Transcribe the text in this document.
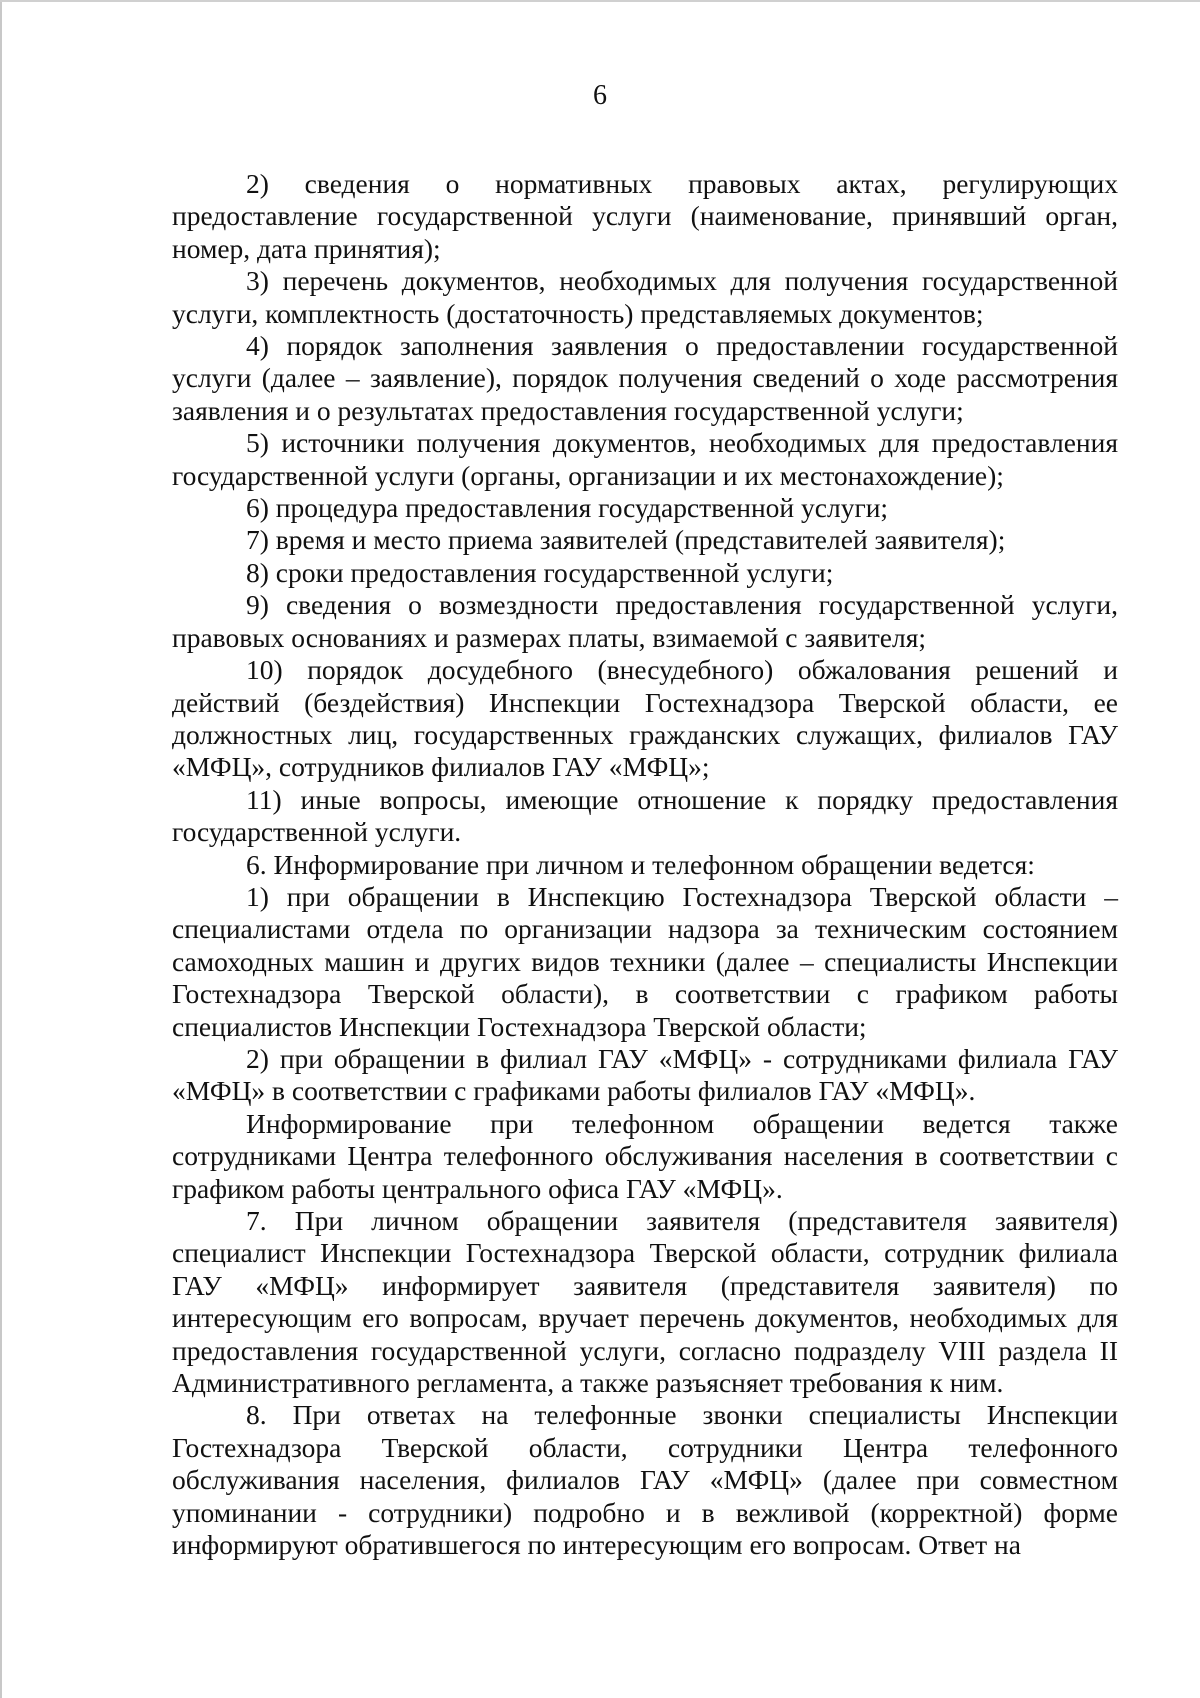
6

2) сведения о нормативных правовых актах, регулирующих предоставление государственной услуги (наименование, принявший орган, номер, дата принятия);

3) перечень документов, необходимых для получения государственной услуги, комплектность (достаточность) представляемых документов;

4) порядок заполнения заявления о предоставлении государственной услуги (далее – заявление), порядок получения сведений о ходе рассмотрения заявления и о результатах предоставления государственной услуги;

5) источники получения документов, необходимых для предоставления государственной услуги (органы, организации и их местонахождение);

6) процедура предоставления государственной услуги;

7) время и место приема заявителей (представителей заявителя);

8) сроки предоставления государственной услуги;

9) сведения о возмездности предоставления государственной услуги, правовых основаниях и размерах платы, взимаемой с заявителя;

10) порядок досудебного (внесудебного) обжалования решений и действий (бездействия) Инспекции Гостехнадзора Тверской области, ее должностных лиц, государственных гражданских служащих, филиалов ГАУ «МФЦ», сотрудников филиалов ГАУ «МФЦ»;

11) иные вопросы, имеющие отношение к порядку предоставления государственной услуги.

6. Информирование при личном и телефонном обращении ведется:

1) при обращении в Инспекцию Гостехнадзора Тверской области – специалистами отдела по организации надзора за техническим состоянием самоходных машин и других видов техники (далее – специалисты Инспекции Гостехнадзора Тверской области), в соответствии с графиком работы специалистов Инспекции Гостехнадзора Тверской области;

2) при обращении в филиал ГАУ «МФЦ» - сотрудниками филиала ГАУ «МФЦ» в соответствии с графиками работы филиалов ГАУ «МФЦ».

Информирование при телефонном обращении ведется также сотрудниками Центра телефонного обслуживания населения в соответствии с графиком работы центрального офиса ГАУ «МФЦ».

7. При личном обращении заявителя (представителя заявителя) специалист Инспекции Гостехнадзора Тверской области, сотрудник филиала ГАУ «МФЦ» информирует заявителя (представителя заявителя) по интересующим его вопросам, вручает перечень документов, необходимых для предоставления государственной услуги, согласно подразделу VIII раздела II Административного регламента, а также разъясняет требования к ним.

8. При ответах на телефонные звонки специалисты Инспекции Гостехнадзора Тверской области, сотрудники Центра телефонного обслуживания населения, филиалов ГАУ «МФЦ» (далее при совместном упоминании - сотрудники) подробно и в вежливой (корректной) форме информируют обратившегося по интересующим его вопросам. Ответ на
